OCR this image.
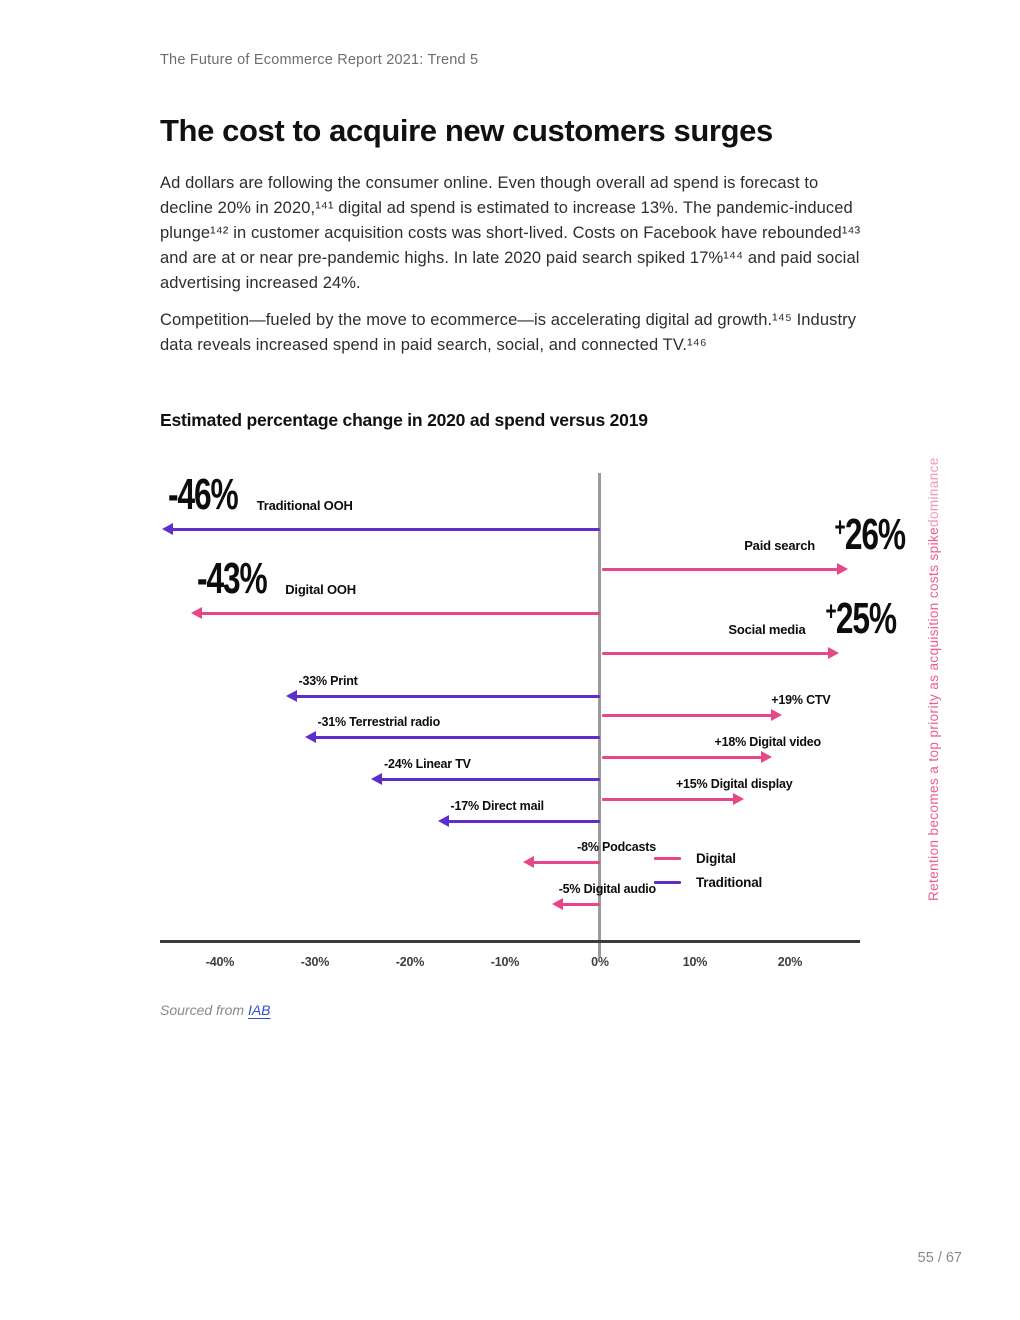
The Future of Ecommerce Report 2021: Trend 5
The cost to acquire new customers surges

Ad dollars are following the consumer online. Even though overall ad spend is forecast to decline 20% in 2020,¹⁴¹ digital ad spend is estimated to increase 13%. The pandemic-induced plunge¹⁴² in customer acquisition costs was short-lived. Costs on Facebook have rebounded¹⁴³ and are at or near pre-pandemic highs. In late 2020 paid search spiked 17%¹⁴⁴ and paid social advertising increased 24%.

Competition—fueled by the move to ecommerce—is accelerating digital ad growth.¹⁴⁵ Industry data reveals increased spend in paid search, social, and connected TV.¹⁴⁶

Estimated percentage change in 2020 ad spend versus 2019
Digital
Traditional
-40%	-30%	-20%	-10%	0%	10%	20%
-46% Traditional OOH
Paid search
+26%
-43% Digital OOH
Social media
+25%
-33% Print
+19% CTV
-31% Terrestrial radio
+18% Digital video
-24% Linear TV
+15% Digital display
-17% Direct mail
-8% Podcasts
-5% Digital audio
Sourced from IAB
Retention becomes a top priority as acquisition costs spikedominance
55 / 67
